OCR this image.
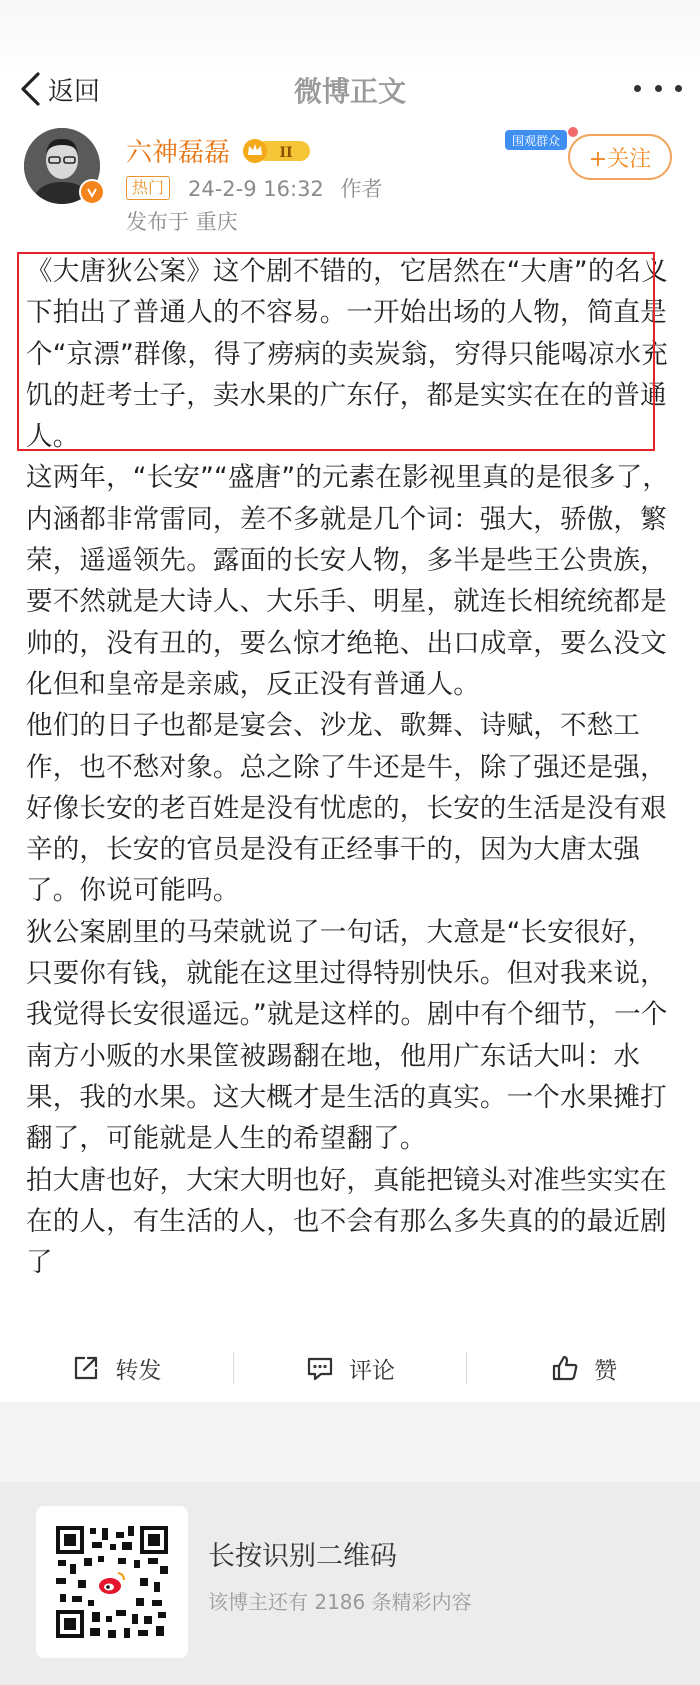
返回	微博正文
六神磊磊	II
热门 24-2-9 16:32 作者
发布于 重庆
围观群众
+关注

《大唐狄公案》这个剧不错的，它居然在“大唐”的名义下拍出了普通人的不容易。一开始出场的人物，简直是个“京漂”群像，得了痨病的卖炭翁，穷得只能喝凉水充饥的赶考士子，卖水果的广东仔，都是实实在在的普通人。

这两年，“长安”“盛唐”的元素在影视里真的是很多了，内涵都非常雷同，差不多就是几个词：强大，骄傲，繁荣，遥遥领先。露面的长安人物，多半是些王公贵族，要不然就是大诗人、大乐手、明星，就连长相统统都是帅的，没有丑的，要么惊才绝艳、出口成章，要么没文化但和皇帝是亲戚，反正没有普通人。

他们的日子也都是宴会、沙龙、歌舞、诗赋，不愁工作，也不愁对象。总之除了牛还是牛，除了强还是强，好像长安的老百姓是没有忧虑的，长安的生活是没有艰辛的，长安的官员是没有正经事干的，因为大唐太强了。你说可能吗。

狄公案剧里的马荣就说了一句话，大意是“长安很好，只要你有钱，就能在这里过得特别快乐。但对我来说，我觉得长安很遥远。”就是这样的。剧中有个细节，一个南方小贩的水果筐被踢翻在地，他用广东话大叫：水果，我的水果。这大概才是生活的真实。一个水果摊打翻了，可能就是人生的希望翻了。

拍大唐也好，大宋大明也好，真能把镜头对准些实实在在的人，有生活的人，也不会有那么多失真的的最近剧了

转发	评论	赞
长按识别二维码
该博主还有 2186 条精彩内容
